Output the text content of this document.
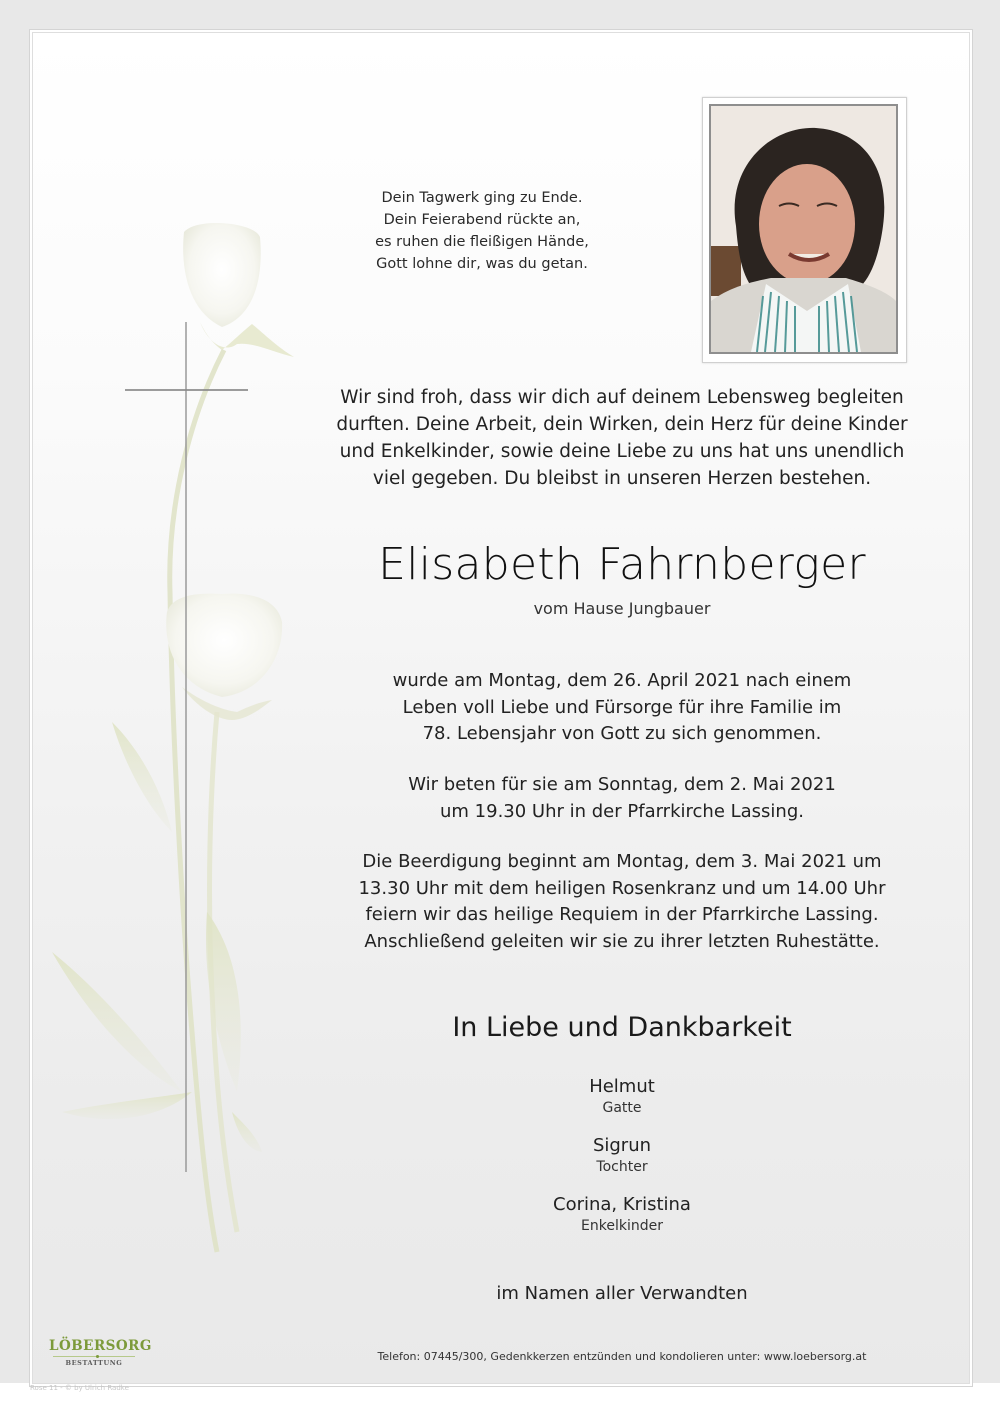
Dein Tagwerk ging zu Ende.
Dein Feierabend rückte an,
es ruhen die fleißigen Hände,
Gott lohne dir, was du getan.
Wir sind froh, dass wir dich auf deinem Lebensweg begleiten
durften. Deine Arbeit, dein Wirken, dein Herz für deine Kinder
und Enkelkinder, sowie deine Liebe zu uns hat uns unendlich
viel gegeben. Du bleibst in unseren Herzen bestehen.
Elisabeth Fahrnberger
vom Hause Jungbauer
wurde am Montag, dem 26. April 2021 nach einem
Leben voll Liebe und Fürsorge für ihre Familie im
78. Lebensjahr von Gott zu sich genommen.
Wir beten für sie am Sonntag, dem 2. Mai 2021
um 19.30 Uhr in der Pfarrkirche Lassing.
Die Beerdigung beginnt am Montag, dem 3. Mai 2021 um
13.30 Uhr mit dem heiligen Rosenkranz und um 14.00 Uhr
feiern wir das heilige Requiem in der Pfarrkirche Lassing.
Anschließend geleiten wir sie zu ihrer letzten Ruhestätte.
In Liebe und Dankbarkeit
Helmut
Gatte
Sigrun
Tochter
Corina, Kristina
Enkelkinder
im Namen aller Verwandten
LÖBERSORG
BESTATTUNG	Telefon: 07445/300, Gedenkkerzen entzünden und kondolieren unter: www.loebersorg.at
Rose 11 - © by Ulrich Radke
